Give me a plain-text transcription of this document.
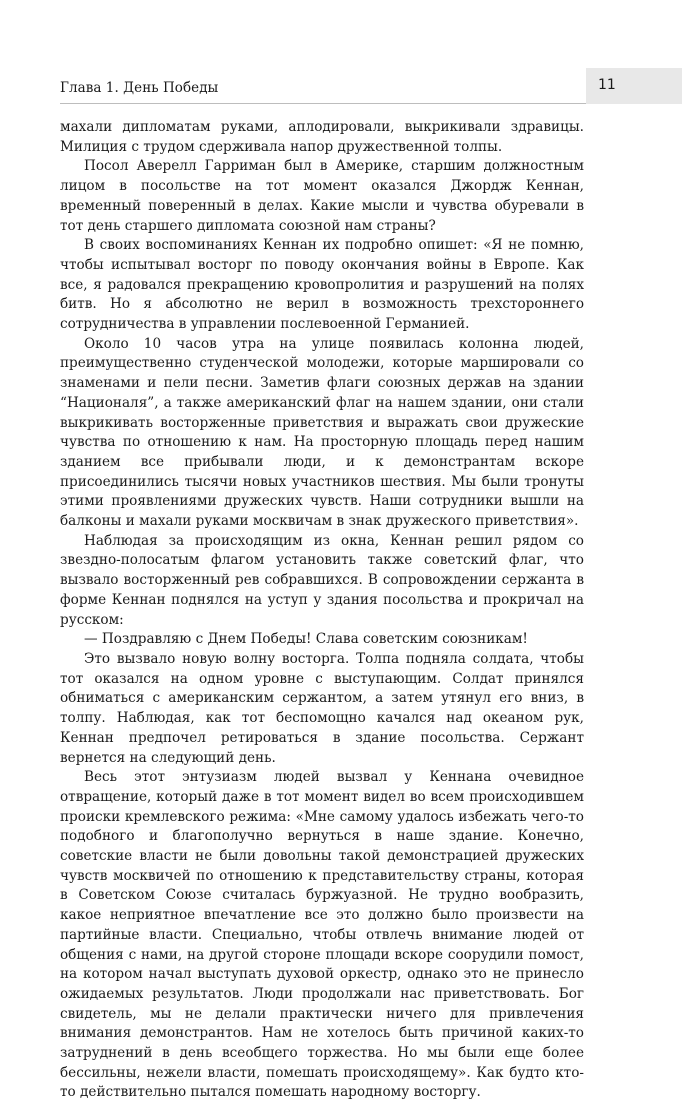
Глава 1. День Победы	11

махали дипломатам руками, аплодировали, выкрикивали здравицы. Милиция с трудом сдерживала напор дружественной толпы.

Посол Аверелл Гарриман был в Америке, старшим должностным лицом в посольстве на тот момент оказался Джордж Кеннан, временный поверенный в делах. Какие мысли и чувства обуревали в тот день старшего дипломата союзной нам страны?

В своих воспоминаниях Кеннан их подробно опишет: «Я не помню, чтобы испытывал восторг по поводу окончания войны в Европе. Как все, я радовался прекращению кровопролития и разрушений на полях битв. Но я абсолютно не верил в возможность трехстороннего сотрудничества в управлении послевоенной Германией.

Около 10 часов утра на улице появилась колонна людей, преимущественно студенческой молодежи, которые маршировали со знаменами и пели песни. Заметив флаги союзных держав на здании “Националя”, а также американский флаг на нашем здании, они стали выкрикивать восторженные приветствия и выражать свои дружеские чувства по отношению к нам. На просторную площадь перед нашим зданием все прибывали люди, и к демонстрантам вскоре присоединились тысячи новых участников шествия. Мы были тронуты этими проявлениями дружеских чувств. Наши сотрудники вышли на балконы и махали руками москвичам в знак дружеского приветствия».

Наблюдая за происходящим из окна, Кеннан решил рядом со звездно-полосатым флагом установить также советский флаг, что вызвало восторженный рев собравшихся. В сопровождении сержанта в форме Кеннан поднялся на уступ у здания посольства и прокричал на русском:

— Поздравляю с Днем Победы! Слава советским союзникам!

Это вызвало новую волну восторга. Толпа подняла солдата, чтобы тот оказался на одном уровне с выступающим. Солдат принялся обниматься с американским сержантом, а затем утянул его вниз, в толпу. Наблюдая, как тот беспомощно качался над океаном рук, Кеннан предпочел ретироваться в здание посольства. Сержант вернется на следующий день.

Весь этот энтузиазм людей вызвал у Кеннана очевидное отвращение, который даже в тот момент видел во всем происходившем происки кремлевского режима: «Мне самому удалось избежать чего-то подобного и благополучно вернуться в наше здание. Конечно, советские власти не были довольны такой демонстрацией дружеских чувств москвичей по отношению к представительству страны, которая в Советском Союзе считалась буржуазной. Не трудно вообразить, какое неприятное впечатление все это должно было произвести на партийные власти. Специально, чтобы отвлечь внимание людей от общения с нами, на другой стороне площади вскоре соорудили помост, на котором начал выступать духовой оркестр, однако это не принесло ожидаемых результатов. Люди продолжали нас приветствовать. Бог свидетель, мы не делали практически ничего для привлечения внимания демонстрантов. Нам не хотелось быть причиной каких-то затруднений в день всеобщего торжества. Но мы были еще более бессильны, нежели власти, помешать происходящему». Как будто кто-то действительно пытался помешать народному восторгу.
